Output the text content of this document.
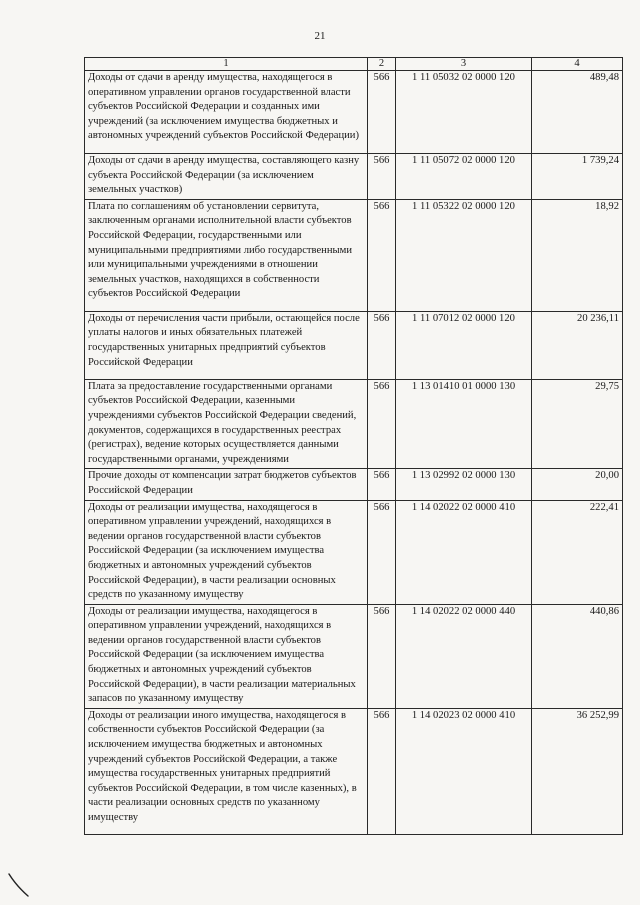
21
1	2	3	4
Доходы от сдачи в аренду имущества, находящегося в оперативном управлении органов государственной власти субъектов Российской Федерации и созданных ими учреждений (за исключением имущества бюджетных и автономных учреждений субъектов Российской Федерации)	566	1 11 05032 02 0000 120	489,48
Доходы от сдачи в аренду имущества, составляющего казну субъекта Российской Федерации (за исключением земельных участков)	566	1 11 05072 02 0000 120	1 739,24
Плата по соглашениям об установлении сервитута, заключенным органами исполнительной власти субъектов Российской Федерации, государственными или муниципальными предприятиями либо государственными или муниципальными учреждениями в отношении земельных участков, находящихся в собственности субъектов Российской Федерации	566	1 11 05322 02 0000 120	18,92
Доходы от перечисления части прибыли, остающейся после уплаты налогов и иных обязательных платежей государственных унитарных предприятий субъектов Российской Федерации	566	1 11 07012 02 0000 120	20 236,11
Плата за предоставление государственными органами субъектов Российской Федерации, казенными учреждениями субъектов Российской Федерации сведений, документов, содержащихся в государственных реестрах (регистрах), ведение которых осуществляется данными государственными органами, учреждениями	566	1 13 01410 01 0000 130	29,75
Прочие доходы от компенсации затрат бюджетов субъектов Российской Федерации	566	1 13 02992 02 0000 130	20,00
Доходы от реализации имущества, находящегося в оперативном управлении учреждений, находящихся в ведении органов государственной власти субъектов Российской Федерации (за исключением имущества бюджетных и автономных учреждений субъектов Российской Федерации), в части реализации основных средств по указанному имуществу	566	1 14 02022 02 0000 410	222,41
Доходы от реализации имущества, находящегося в оперативном управлении учреждений, находящихся в ведении органов государственной власти субъектов Российской Федерации (за исключением имущества бюджетных и автономных учреждений субъектов Российской Федерации), в части реализации материальных запасов по указанному имуществу	566	1 14 02022 02 0000 440	440,86
Доходы от реализации иного имущества, находящегося в собственности субъектов Российской Федерации (за исключением имущества бюджетных и автономных учреждений субъектов Российской Федерации, а также имущества государственных унитарных предприятий субъектов Российской Федерации, в том числе казенных), в части реализации основных средств по указанному имуществу	566	1 14 02023 02 0000 410	36 252,99
